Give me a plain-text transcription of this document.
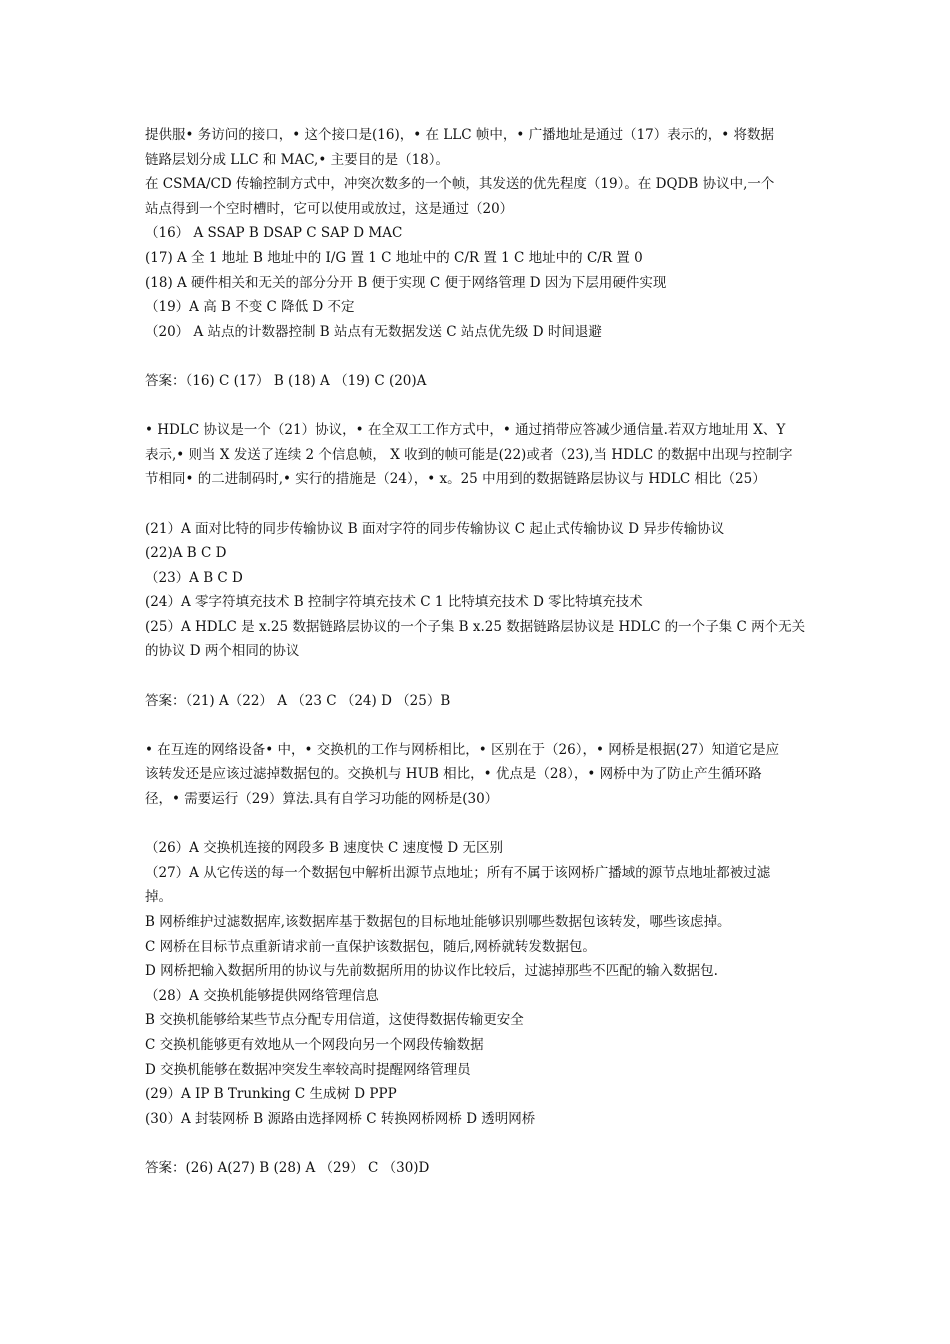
提供服• 务访问的接口，• 这个接口是(16)，• 在 LLC 帧中，• 广播地址是通过（17）表示的，• 将数据
链路层划分成 LLC 和 MAC,• 主要目的是（18）。
在 CSMA/CD 传输控制方式中，冲突次数多的一个帧，其发送的优先程度（19）。在 DQDB 协议中,一个
站点得到一个空时槽时，它可以使用或放过，这是通过（20）
（16） A SSAP B DSAP C SAP D MAC
(17) A 全 1 地址 B 地址中的 I/G 置 1 C 地址中的 C/R 置 1 C 地址中的 C/R 置 0
(18) A 硬件相关和无关的部分分开 B 便于实现 C 便于网络管理 D 因为下层用硬件实现
（19）A 高 B 不变 C 降低 D 不定
（20） A 站点的计数器控制 B 站点有无数据发送 C 站点优先级 D 时间退避
答案：（16) C (17） B (18) A （19) C (20)A
• HDLC 协议是一个（21）协议，• 在全双工工作方式中，• 通过捎带应答减少通信量.若双方地址用 X、Y
表示,• 则当 X 发送了连续 2 个信息帧， X 收到的帧可能是(22)或者（23),当 HDLC 的数据中出现与控制字
节相同• 的二进制码时,• 实行的措施是（24），• x。25 中用到的数据链路层协议与 HDLC 相比（25）
(21）A 面对比特的同步传输协议 B 面对字符的同步传输协议 C 起止式传输协议 D 异步传输协议
(22)A B C D
（23）A B C D
(24）A 零字符填充技术 B 控制字符填充技术 C 1 比特填充技术 D 零比特填充技术
(25）A HDLC 是 x.25 数据链路层协议的一个子集 B x.25 数据链路层协议是 HDLC 的一个子集 C 两个无关
的协议 D 两个相同的协议
答案：（21) A（22） A （23 C （24) D （25）B
• 在互连的网络设备• 中，• 交换机的工作与网桥相比，• 区别在于（26），• 网桥是根据(27）知道它是应
该转发还是应该过滤掉数据包的。交换机与 HUB 相比，• 优点是（28），• 网桥中为了防止产生循环路
径，• 需要运行（29）算法.具有自学习功能的网桥是(30）
（26）A 交换机连接的网段多 B 速度快 C 速度慢 D 无区别
（27）A 从它传送的每一个数据包中解析出源节点地址；所有不属于该网桥广播域的源节点地址都被过滤
掉。
B 网桥维护过滤数据库,该数据库基于数据包的目标地址能够识别哪些数据包该转发，哪些该虑掉。
C 网桥在目标节点重新请求前一直保护该数据包，随后,网桥就转发数据包。
D 网桥把输入数据所用的协议与先前数据所用的协议作比较后，过滤掉那些不匹配的输入数据包.
（28）A 交换机能够提供网络管理信息
B 交换机能够给某些节点分配专用信道，这使得数据传输更安全
C 交换机能够更有效地从一个网段向另一个网段传输数据
D 交换机能够在数据冲突发生率较高时提醒网络管理员
(29）A IP B Trunking C 生成树 D PPP
(30）A 封装网桥 B 源路由选择网桥 C 转换网桥网桥 D 透明网桥
答案：(26) A(27) B (28) A （29） C （30)D
